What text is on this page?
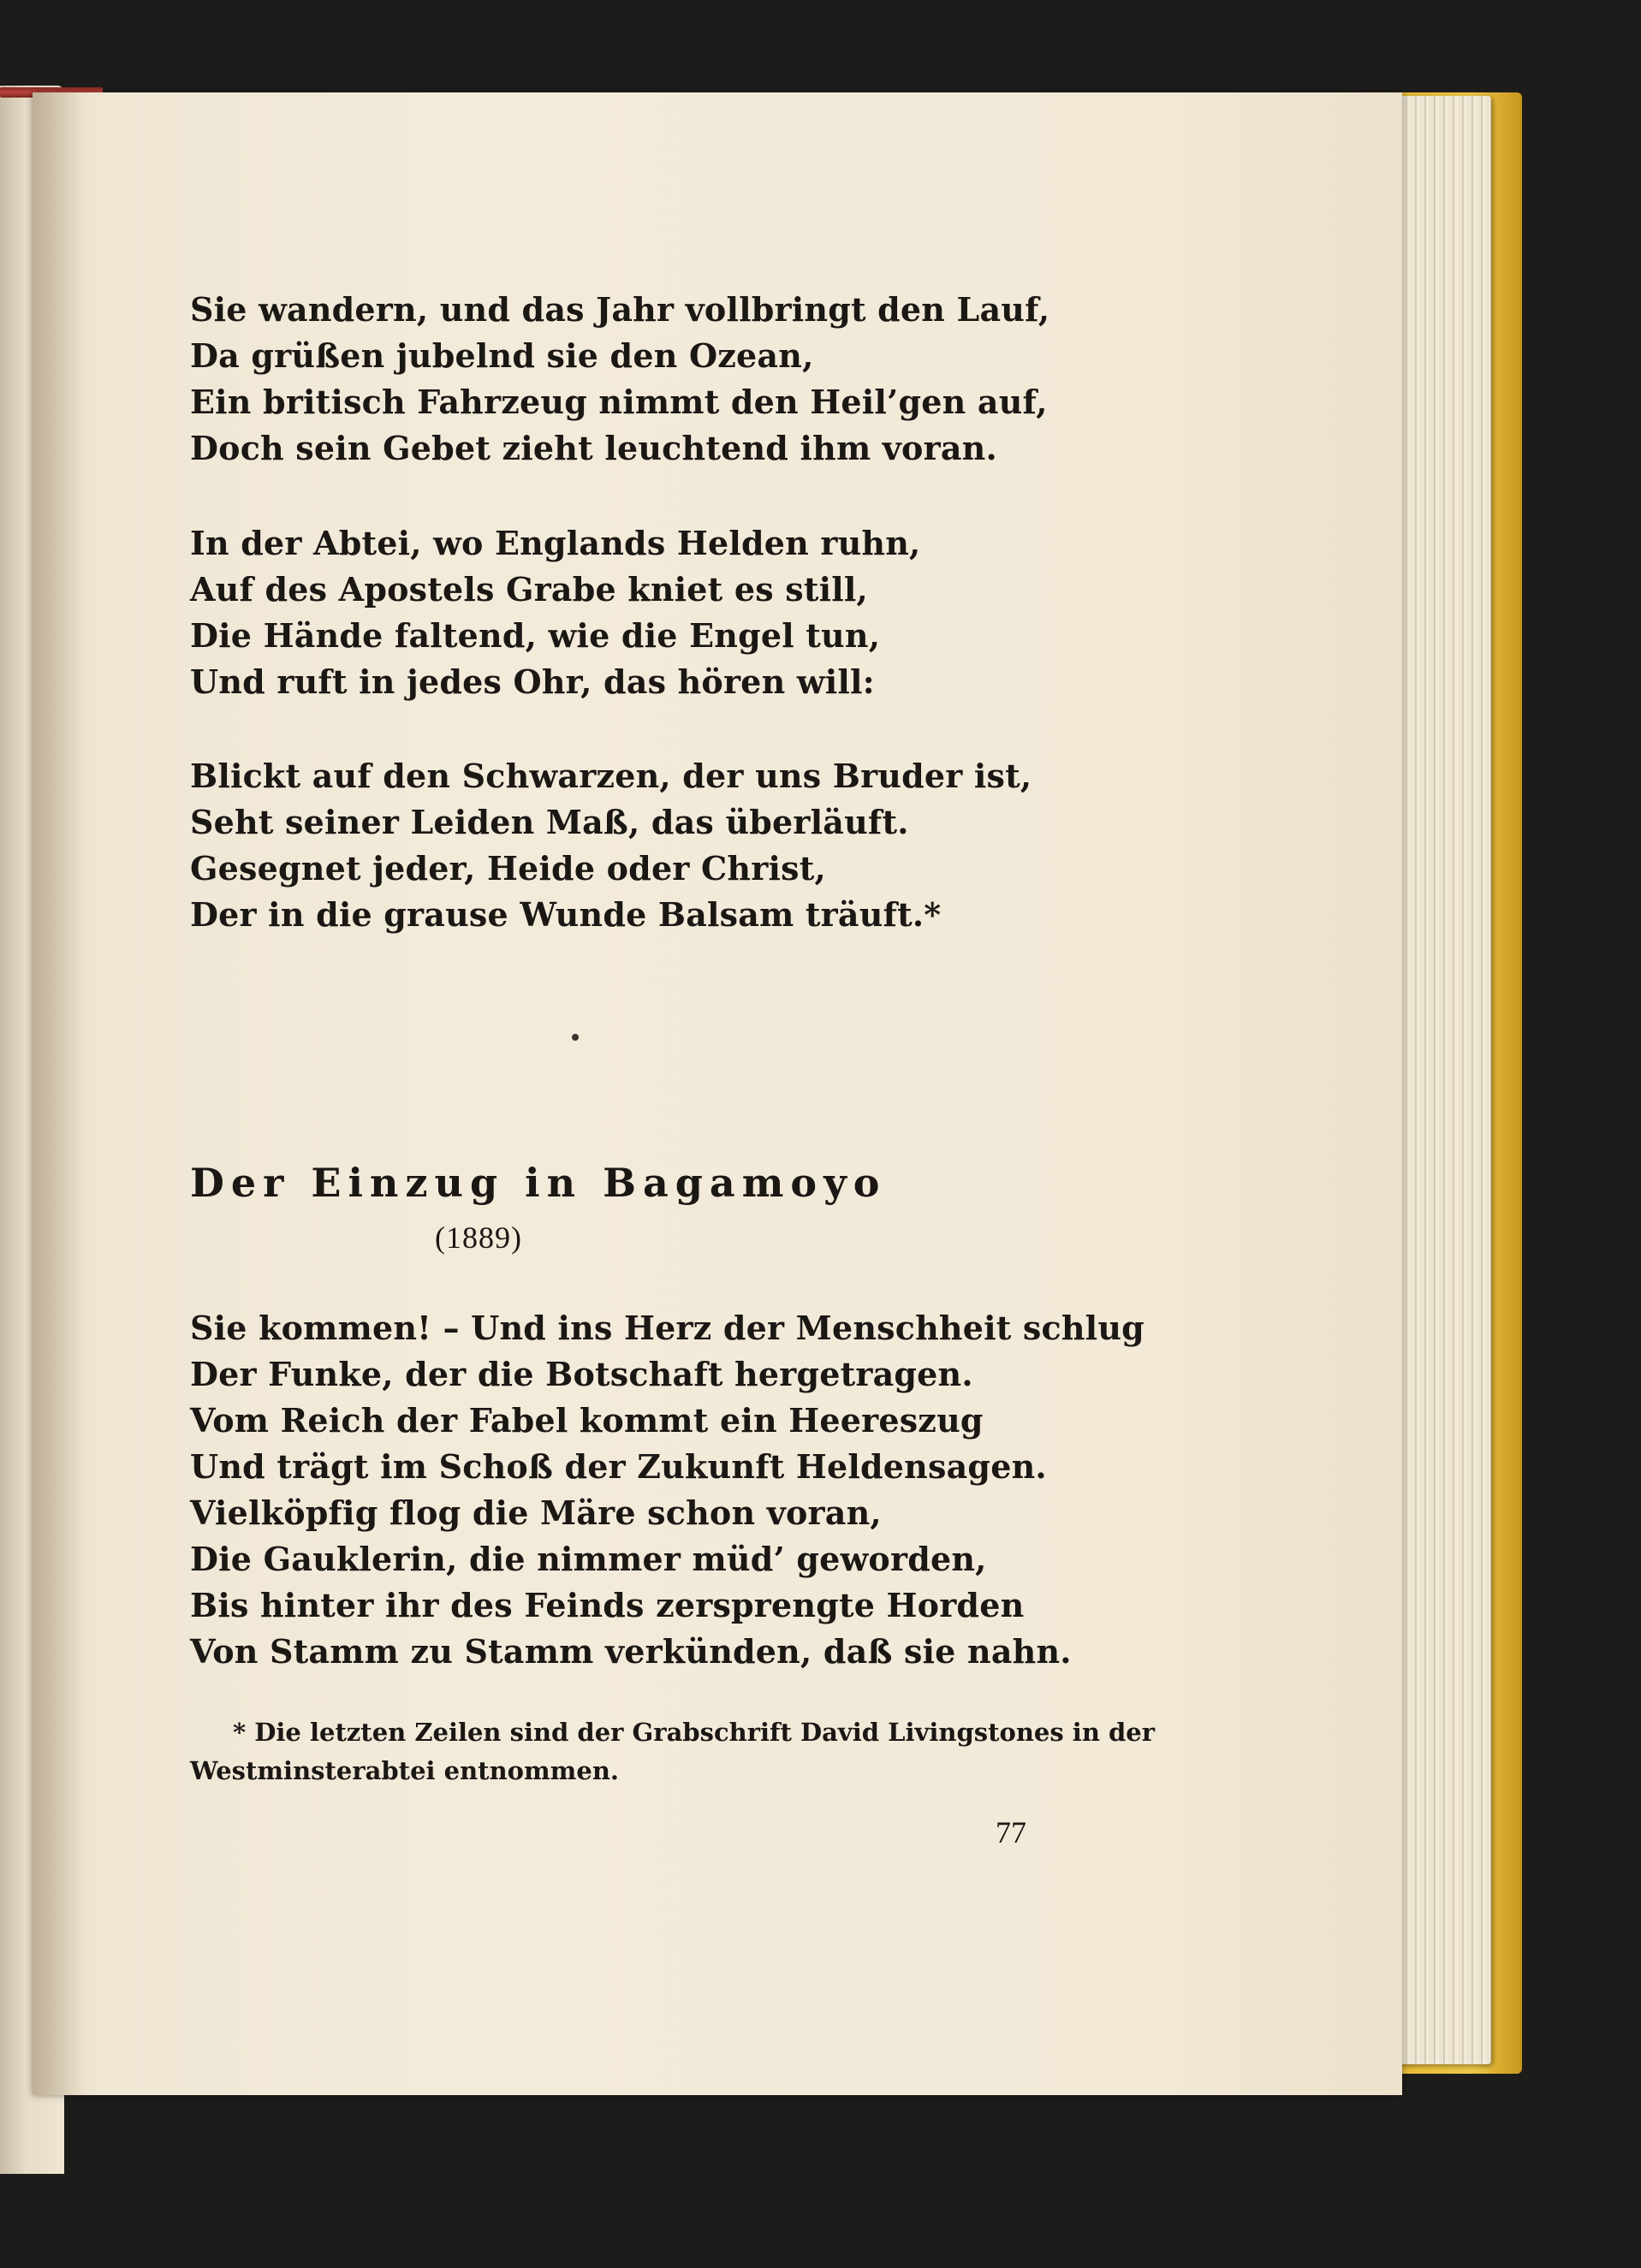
Sie wandern, und das Jahr vollbringt den Lauf,
Da grüßen jubelnd sie den Ozean,
Ein britisch Fahrzeug nimmt den Heil’gen auf,
Doch sein Gebet zieht leuchtend ihm voran.
In der Abtei, wo Englands Helden ruhn,
Auf des Apostels Grabe kniet es still,
Die Hände faltend, wie die Engel tun,
Und ruft in jedes Ohr, das hören will:
Blickt auf den Schwarzen, der uns Bruder ist,
Seht seiner Leiden Maß, das überläuft.
Gesegnet jeder, Heide oder Christ,
Der in die grause Wunde Balsam träuft.*
Der Einzug in Bagamoyo
(1889)
Sie kommen! – Und ins Herz der Menschheit schlug
Der Funke, der die Botschaft hergetragen.
Vom Reich der Fabel kommt ein Heereszug
Und trägt im Schoß der Zukunft Heldensagen.
Vielköpfig flog die Märe schon voran,
Die Gauklerin, die nimmer müd’ geworden,
Bis hinter ihr des Feinds zersprengte Horden
Von Stamm zu Stamm verkünden, daß sie nahn.
* Die letzten Zeilen sind der Grabschrift David Livingstones in der
Westminsterabtei entnommen.
77
